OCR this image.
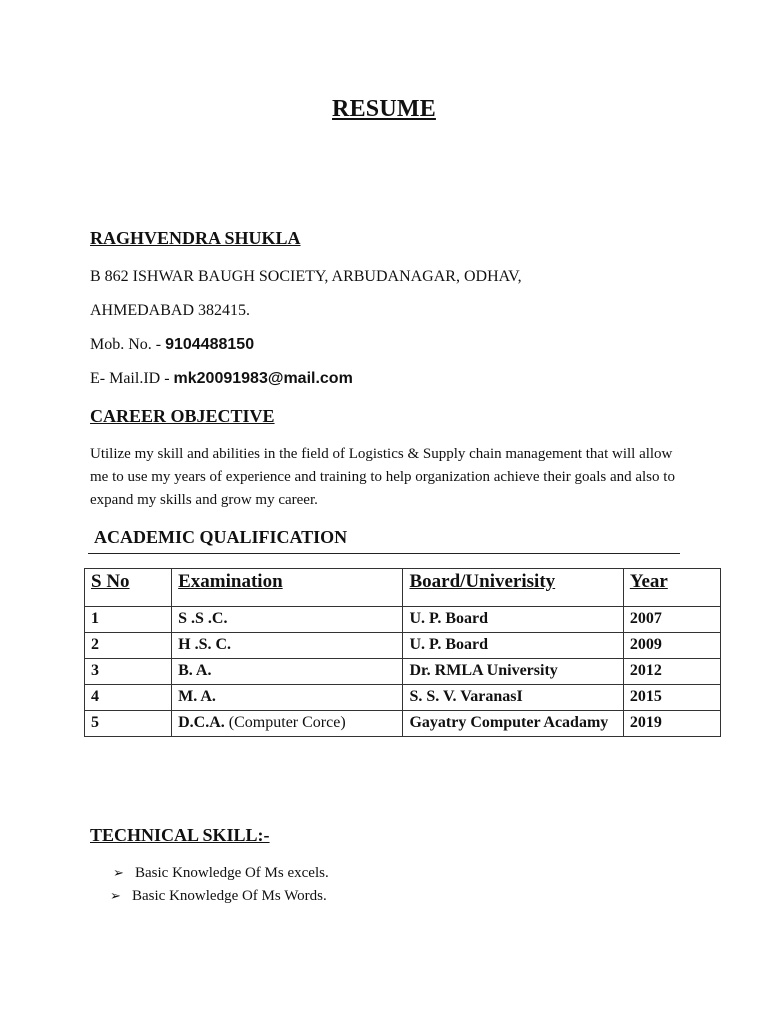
RESUME
RAGHVENDRA SHUKLA
B 862 ISHWAR BAUGH SOCIETY, ARBUDANAGAR, ODHAV,
AHMEDABAD 382415.
Mob. No. - 9104488150
E- Mail.ID - mk20091983@mail.com
CAREER OBJECTIVE

Utilize my skill and abilities in the field of Logistics & Supply chain management that will allow me to use my years of experience and training to help organization achieve their goals and also to expand my skills and grow my career.

ACADEMIC QUALIFICATION
S No	Examination	Board/Univerisity	Year
1	S .S .C.	U. P. Board	2007
2	H .S. C.	U. P. Board	2009
3	B. A.	Dr. RMLA University	2012
4	M. A.	S. S. V. VaranasI	2015
5	D.C.A. (Computer Corce)	Gayatry Computer Acadamy	2019
TECHNICAL SKILL:-
➢ Basic Knowledge Of Ms excels.
➢ Basic Knowledge Of Ms Words.
